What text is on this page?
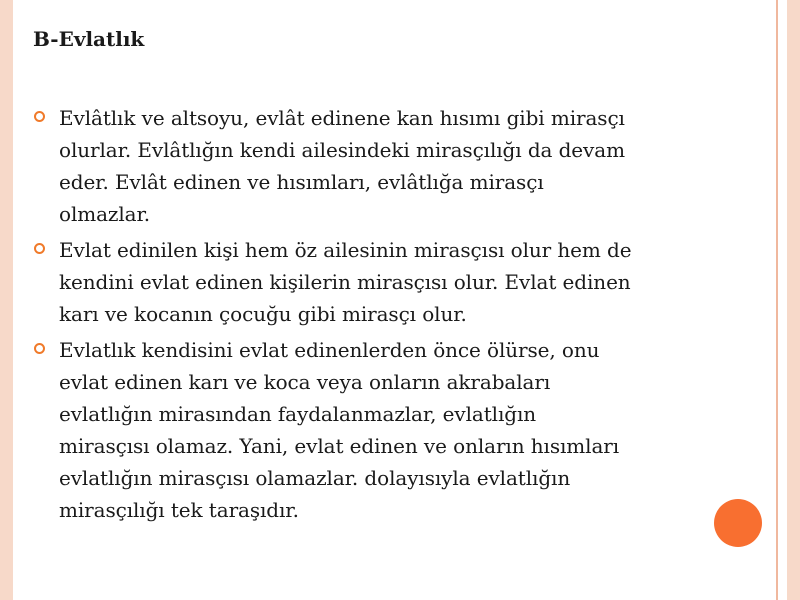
B-Evlatlık
Evlâtlık ve altsoyu, evlât edinene kan hısımı gibi mirasçı
olurlar. Evlâtlığın kendi ailesindeki mirasçılığı da devam
eder. Evlât edinen ve hısımları, evlâtlığa mirasçı
olmazlar.
Evlat edinilen kişi hem öz ailesinin mirasçısı olur hem de
kendini evlat edinen kişilerin mirasçısı olur. Evlat edinen
karı ve kocanın çocuğu gibi mirasçı olur.
Evlatlık kendisini evlat edinenlerden önce ölürse, onu
evlat edinen karı ve koca veya onların akrabaları
evlatlığın mirasından faydalanmazlar, evlatlığın
mirasçısı olamaz. Yani, evlat edinen ve onların hısımları
evlatlığın mirasçısı olamazlar. dolayısıyla evlatlığın
mirasçılığı tek taraşıdır.
